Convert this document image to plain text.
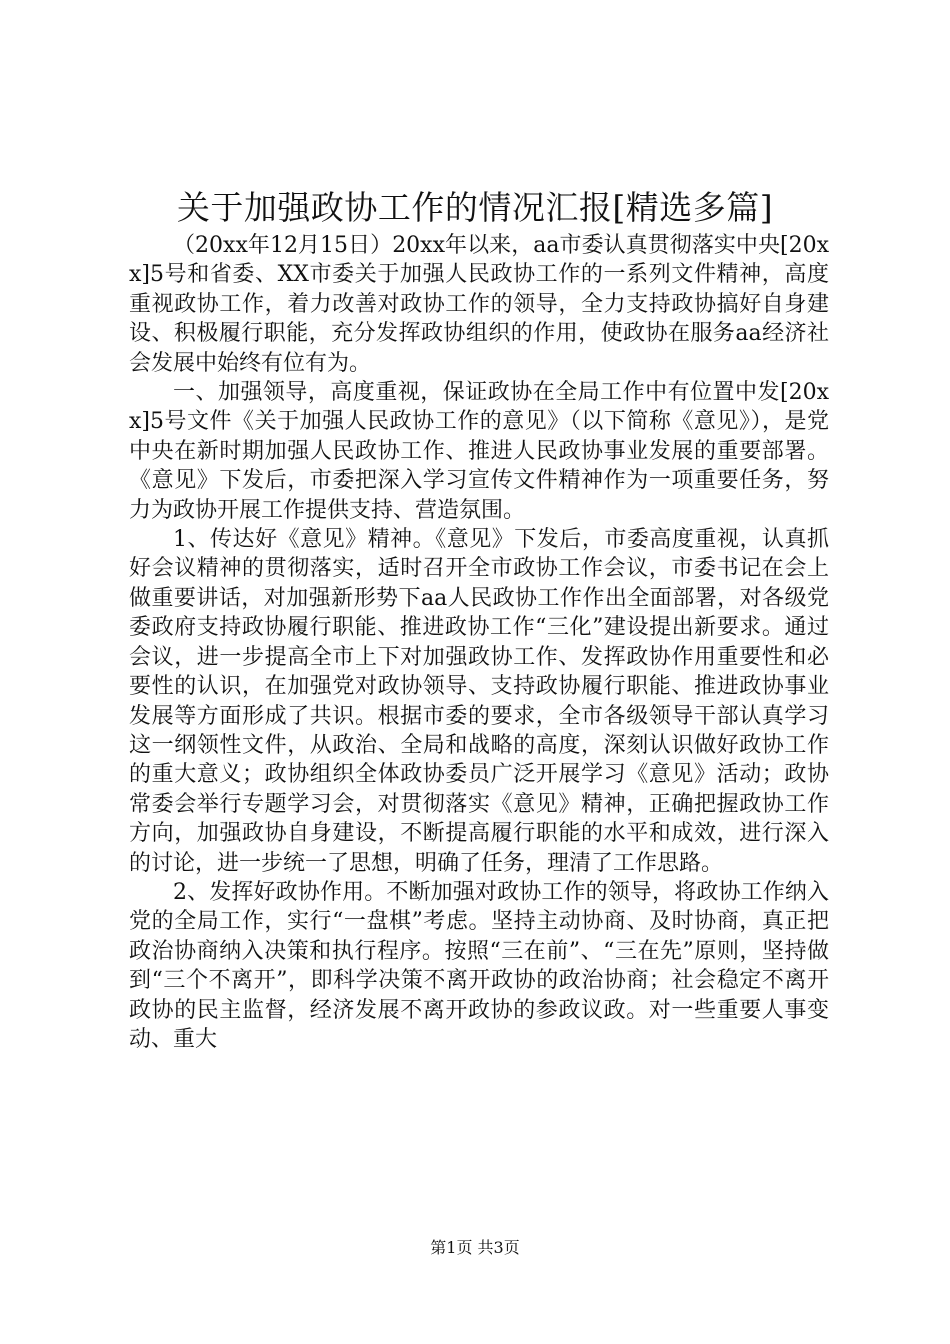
关于加强政协工作的情况汇报[精选多篇]

（20xx年12月15日）20xx年以来，aa市委认真贯彻落实中央[20xx]5号和省委、XX市委关于加强人民政协工作的一系列文件精神，高度重视政协工作，着力改善对政协工作的领导，全力支持政协搞好自身建设、积极履行职能，充分发挥政协组织的作用，使政协在服务aa经济社会发展中始终有位有为。

一、加强领导，高度重视，保证政协在全局工作中有位置中发[20xx]5号文件《关于加强人民政协工作的意见》（以下简称《意见》），是党中央在新时期加强人民政协工作、推进人民政协事业发展的重要部署。《意见》下发后，市委把深入学习宣传文件精神作为一项重要任务，努力为政协开展工作提供支持、营造氛围。

1、传达好《意见》精神。《意见》下发后，市委高度重视，认真抓好会议精神的贯彻落实，适时召开全市政协工作会议，市委书记在会上做重要讲话，对加强新形势下aa人民政协工作作出全面部署，对各级党委政府支持政协履行职能、推进政协工作“三化”建设提出新要求。通过会议，进一步提高全市上下对加强政协工作、发挥政协作用重要性和必要性的认识，在加强党对政协领导、支持政协履行职能、推进政协事业发展等方面形成了共识。根据市委的要求，全市各级领导干部认真学习这一纲领性文件，从政治、全局和战略的高度，深刻认识做好政协工作的重大意义；政协组织全体政协委员广泛开展学习《意见》活动；政协常委会举行专题学习会，对贯彻落实《意见》精神，正确把握政协工作方向，加强政协自身建设，不断提高履行职能的水平和成效，进行深入的讨论，进一步统一了思想，明确了任务，理清了工作思路。

2、发挥好政协作用。不断加强对政协工作的领导，将政协工作纳入党的全局工作，实行“一盘棋”考虑。坚持主动协商、及时协商，真正把政治协商纳入决策和执行程序。按照“三在前”、“三在先”原则，坚持做到“三个不离开”，即科学决策不离开政协的政治协商；社会稳定不离开政协的民主监督，经济发展不离开政协的参政议政。对一些重要人事变动、重大

第1页 共3页
